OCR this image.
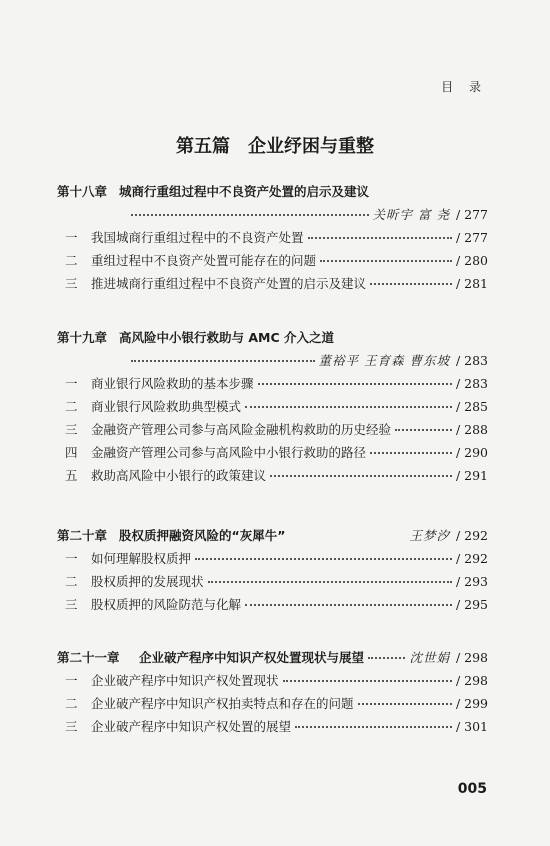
目 录
第五篇 企业纾困与重整
第十八章 城商行重组过程中不良资产处置的启示及建议
关昕宇 富 尧 / 277
一	我国城商行重组过程中的不良资产处置	/ 277
二	重组过程中不良资产处置可能存在的问题	/ 280
三	推进城商行重组过程中不良资产处置的启示及建议	/ 281
第十九章 高风险中小银行救助与 AMC 介入之道
董裕平 王育森 曹东坡 / 283
一	商业银行风险救助的基本步骤	/ 283
二	商业银行风险救助典型模式	/ 285
三	金融资产管理公司参与高风险金融机构救助的历史经验	/ 288
四	金融资产管理公司参与高风险中小银行救助的路径	/ 290
五	救助高风险中小银行的政策建议	/ 291
第二十章 股权质押融资风险的“灰犀牛”	王梦汐 / 292
一	如何理解股权质押	/ 292
二	股权质押的发展现状	/ 293
三	股权质押的风险防范与化解	/ 295
第二十一章	企业破产程序中知识产权处置现状与展望	沈世娟 / 298
一	企业破产程序中知识产权处置现状	/ 298
二	企业破产程序中知识产权拍卖特点和存在的问题	/ 299
三	企业破产程序中知识产权处置的展望	/ 301
005
